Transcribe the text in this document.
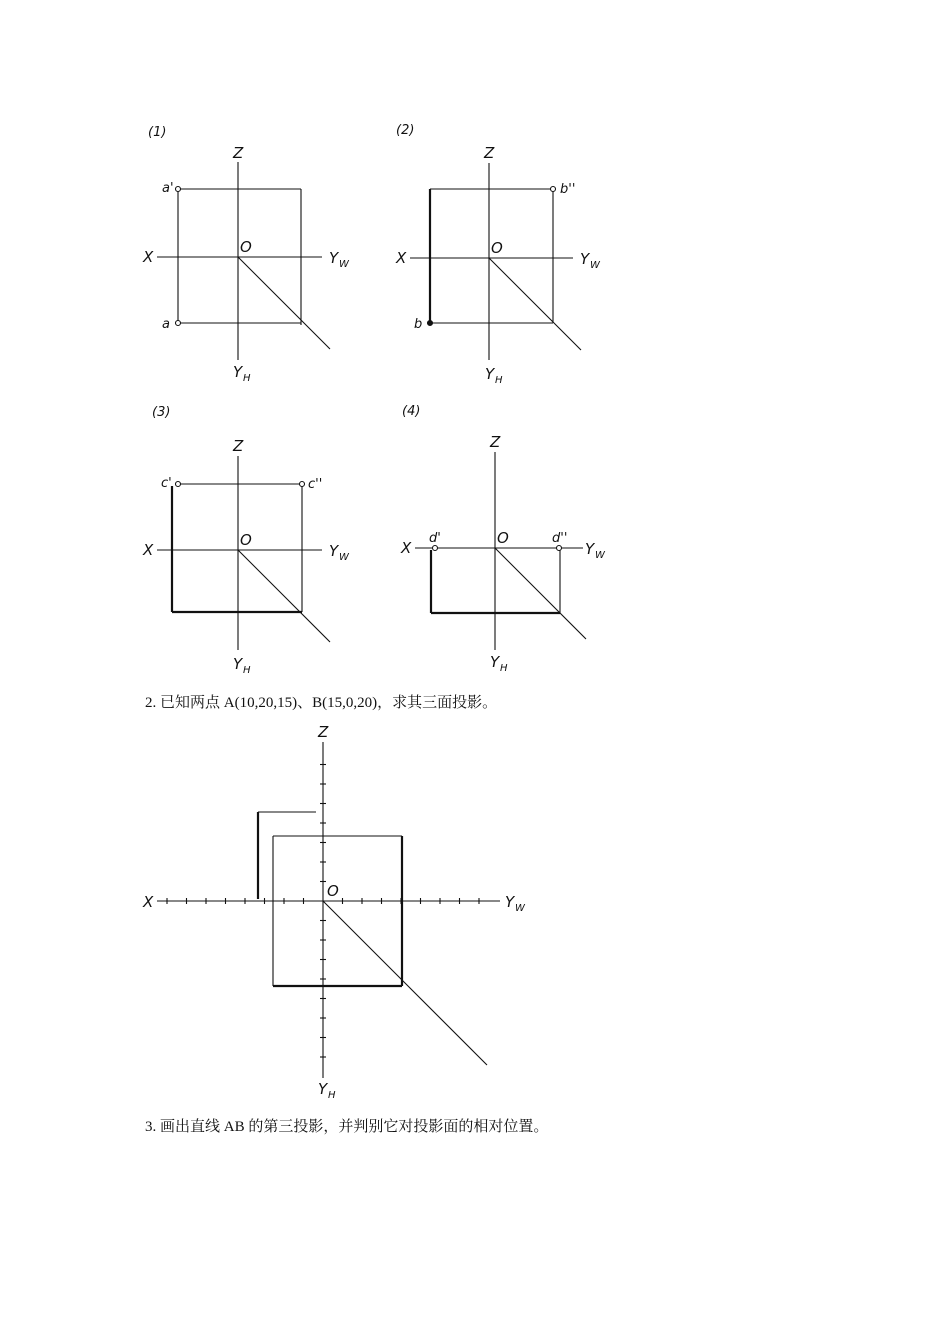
(1)
a'
a
Z
X
O
Y W
Y H
(2)
b''
b
Z
X
O
Y W
Y H
(3)
c'	c''
Z
X
O
Y W
Y H
(4)
d'	d''
Z
X
O
Y W
Y H
Z
X
O
Y W
Y H
2. 已知两点 A(10,20,15)、B(15,0,20)，求其三面投影。
3. 画出直线 AB 的第三投影，并判别它对投影面的相对位置。
